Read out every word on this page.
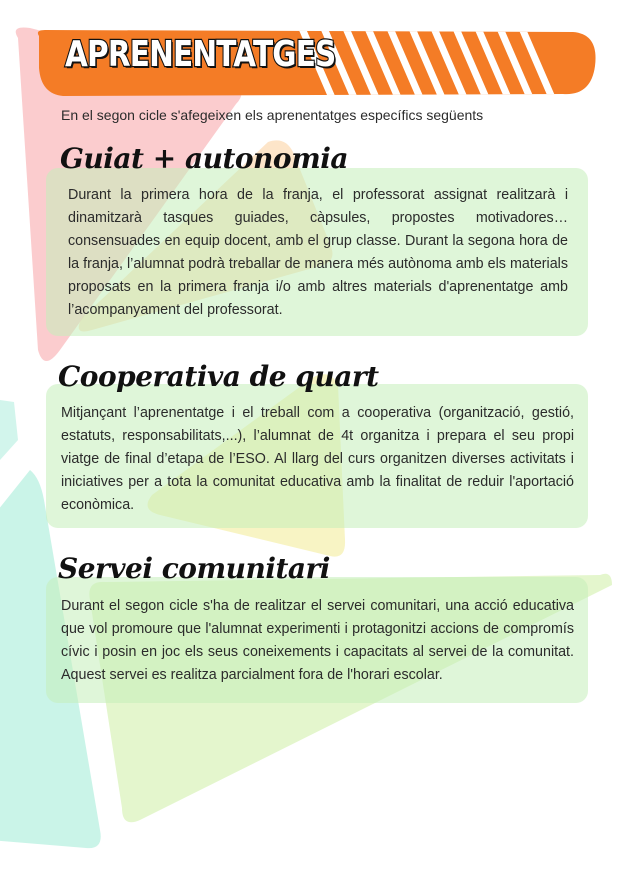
APRENENTATGES

En el segon cicle s'afegeixen els aprenentatges específics següents

Guiat + autonomia

Durant la primera hora de la franja, el professorat assignat realitzarà i dinamitzarà tasques guiades, càpsules, propostes motivadores… consensuades en equip docent, amb el grup classe. Durant la segona hora de la franja, l’alumnat podrà treballar de manera més autònoma amb els materials proposats en la primera franja i/o amb altres materials d'aprenentatge amb l’acompanyament del professorat.

Cooperativa de quart

Mitjançant l’aprenentatge i el treball com a cooperativa (organització, gestió, estatuts, responsabilitats,...), l’alumnat de 4t organitza i prepara el seu propi viatge de final d’etapa de l’ESO. Al llarg del curs organitzen diverses activitats i iniciatives per a tota la comunitat educativa amb la finalitat de reduir l'aportació econòmica.

Servei comunitari

Durant el segon cicle s'ha de realitzar el servei comunitari, una acció educativa que vol promoure que l'alumnat experimenti i protagonitzi accions de compromís cívic i posin en joc els seus coneixements i capacitats al servei de la comunitat. Aquest servei es realitza parcialment fora de l'horari escolar.
